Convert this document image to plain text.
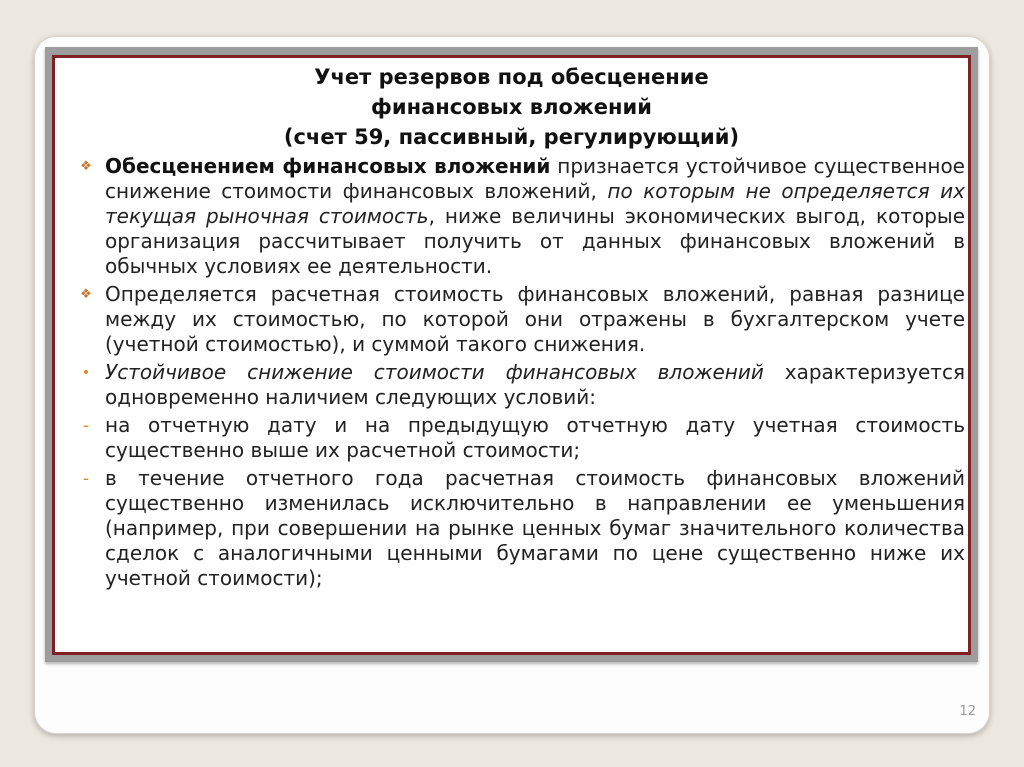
Учет резервов под обесценение
финансовых вложений
(счет 59, пассивный, регулирующий)
❖ Обесценением финансовых вложений признается устойчивое существенное снижение стоимости финансовых вложений, по которым не определяется их текущая рыночная стоимость, ниже величины экономических выгод, которые организация рассчитывает получить от данных финансовых вложений в обычных условиях ее деятельности.
❖ Определяется расчетная стоимость финансовых вложений, равная разнице между их стоимостью, по которой они отражены в бухгалтерском учете (учетной стоимостью), и суммой такого снижения.
• Устойчивое снижение стоимости финансовых вложений характеризуется одновременно наличием следующих условий:
- на отчетную дату и на предыдущую отчетную дату учетная стоимость существенно выше их расчетной стоимости;
- в течение отчетного года расчетная стоимость финансовых вложений существенно изменилась исключительно в направлении ее уменьшения (например, при совершении на рынке ценных бумаг значительного количества сделок с аналогичными ценными бумагами по цене существенно ниже их учетной стоимости);
12
